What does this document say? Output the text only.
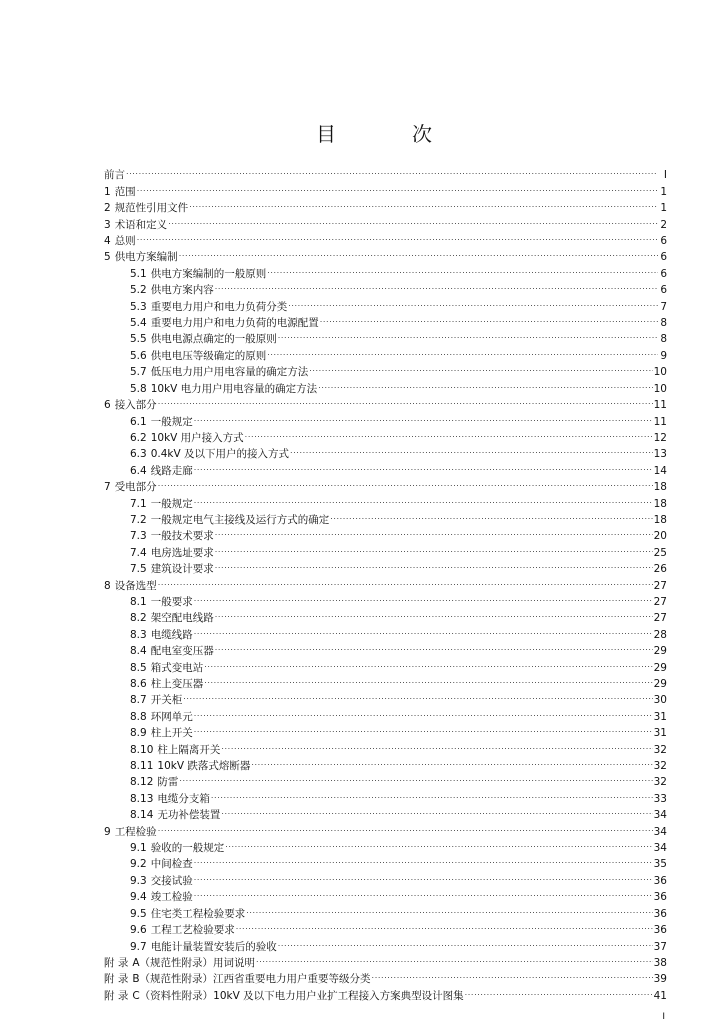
目	次
前言 .....	I
1 范围 .....	1
2 规范性引用文件 .....	1
3 术语和定义 .....	2
4 总则 .....	6
5 供电方案编制 .....	6
5.1 供电方案编制的一般原则 .....	6
5.2 供电方案内容 .....	6
5.3 重要电力用户和电力负荷分类 .....	7
5.4 重要电力用户和电力负荷的电源配置 .....	8
5.5 供电电源点确定的一般原则 .....	8
5.6 供电电压等级确定的原则 .....	9
5.7 低压电力用户用电容量的确定方法 .....	10
5.8 10kV 电力用户用电容量的确定方法 .....	10
6 接入部分 .....	11
6.1 一般规定 .....	11
6.2 10kV 用户接入方式 .....	12
6.3 0.4kV 及以下用户的接入方式 .....	13
6.4 线路走廊 .....	14
7 受电部分 .....	18
7.1 一般规定 .....	18
7.2 一般规定电气主接线及运行方式的确定 .....	18
7.3 一般技术要求 .....	20
7.4 电房选址要求 .....	25
7.5 建筑设计要求 .....	26
8 设备选型 .....	27
8.1 一般要求 .....	27
8.2 架空配电线路 .....	27
8.3 电缆线路 .....	28
8.4 配电室变压器 .....	29
8.5 箱式变电站 .....	29
8.6 柱上变压器 .....	29
8.7 开关柜 .....	30
8.8 环网单元 .....	31
8.9 柱上开关 .....	31
8.10 柱上隔离开关 .....	32
8.11 10kV 跌落式熔断器 .....	32
8.12 防雷 .....	32
8.13 电缆分支箱 .....	33
8.14 无功补偿装置 .....	34
9 工程检验 .....	34
9.1 验收的一般规定 .....	34
9.2 中间检查 .....	35
9.3 交接试验 .....	36
9.4 竣工检验 .....	36
9.5 住宅类工程检验要求 .....	36
9.6 工程工艺检验要求 .....	36
9.7 电能计量装置安装后的验收 .....	37
附 录 A（规范性附录）用词说明 .....	38
附 录 B（规范性附录）江西省重要电力用户重要等级分类 .....	39
附 录 C（资料性附录）10kV 及以下电力用户业扩工程接入方案典型设计图集 .....	41
I
